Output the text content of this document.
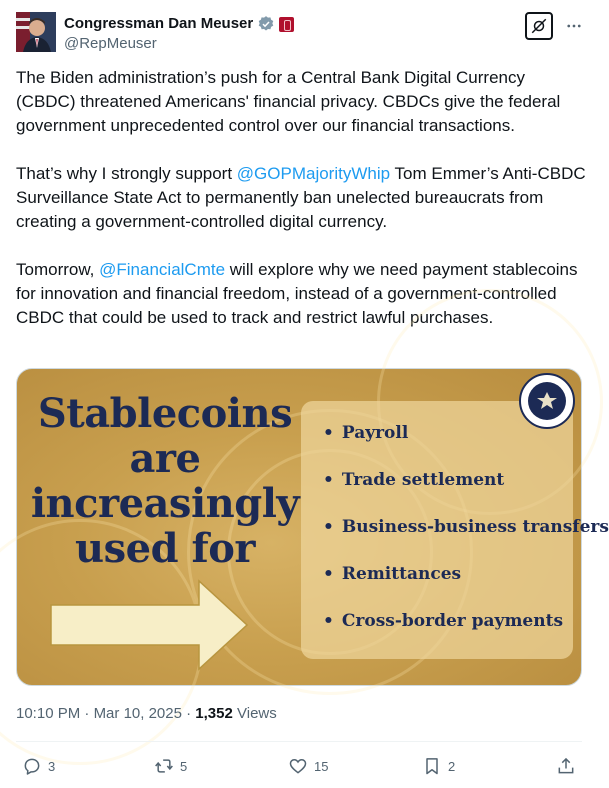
Congressman Dan Meuser
@RepMeuser

The Biden administration’s push for a Central Bank Digital Currency (CBDC) threatened Americans' financial privacy. CBDCs give the federal government unprecedented control over our financial transactions.

That’s why I strongly support @GOPMajorityWhip Tom Emmer’s Anti-CBDC Surveillance State Act to permanently ban unelected bureaucrats from creating a government-controlled digital currency.

Tomorrow, @FinancialCmte will explore why we need payment stablecoins for innovation and financial freedom, instead of a government-controlled CBDC that could be used to track and restrict lawful purchases.

Stablecoins
are
increasingly
used for
• Payroll
• Trade settlement
• Business-business transfers
• Remittances
• Cross-border payments
10:10 PM · Mar 10, 2025 · 1,352 Views
3	5	15	2
